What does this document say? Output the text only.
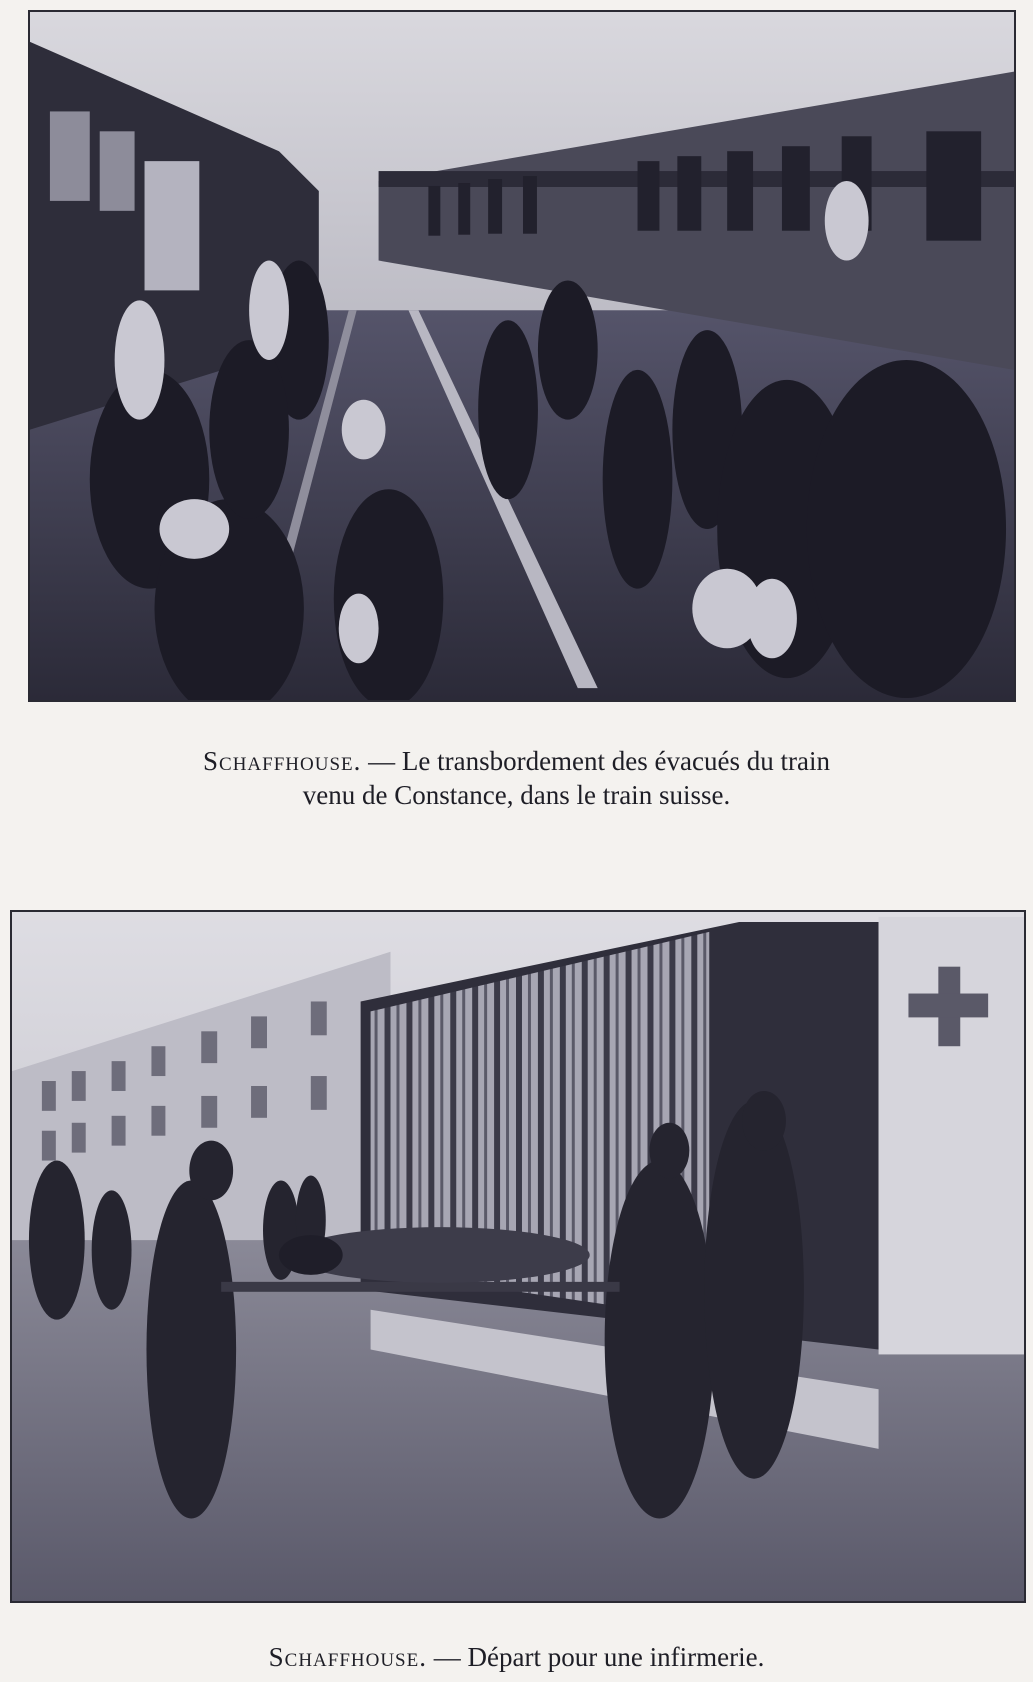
Schaffhouse. — Le transbordement des évacués du train
venu de Constance, dans le train suisse.
Schaffhouse. — Départ pour une infirmerie.
